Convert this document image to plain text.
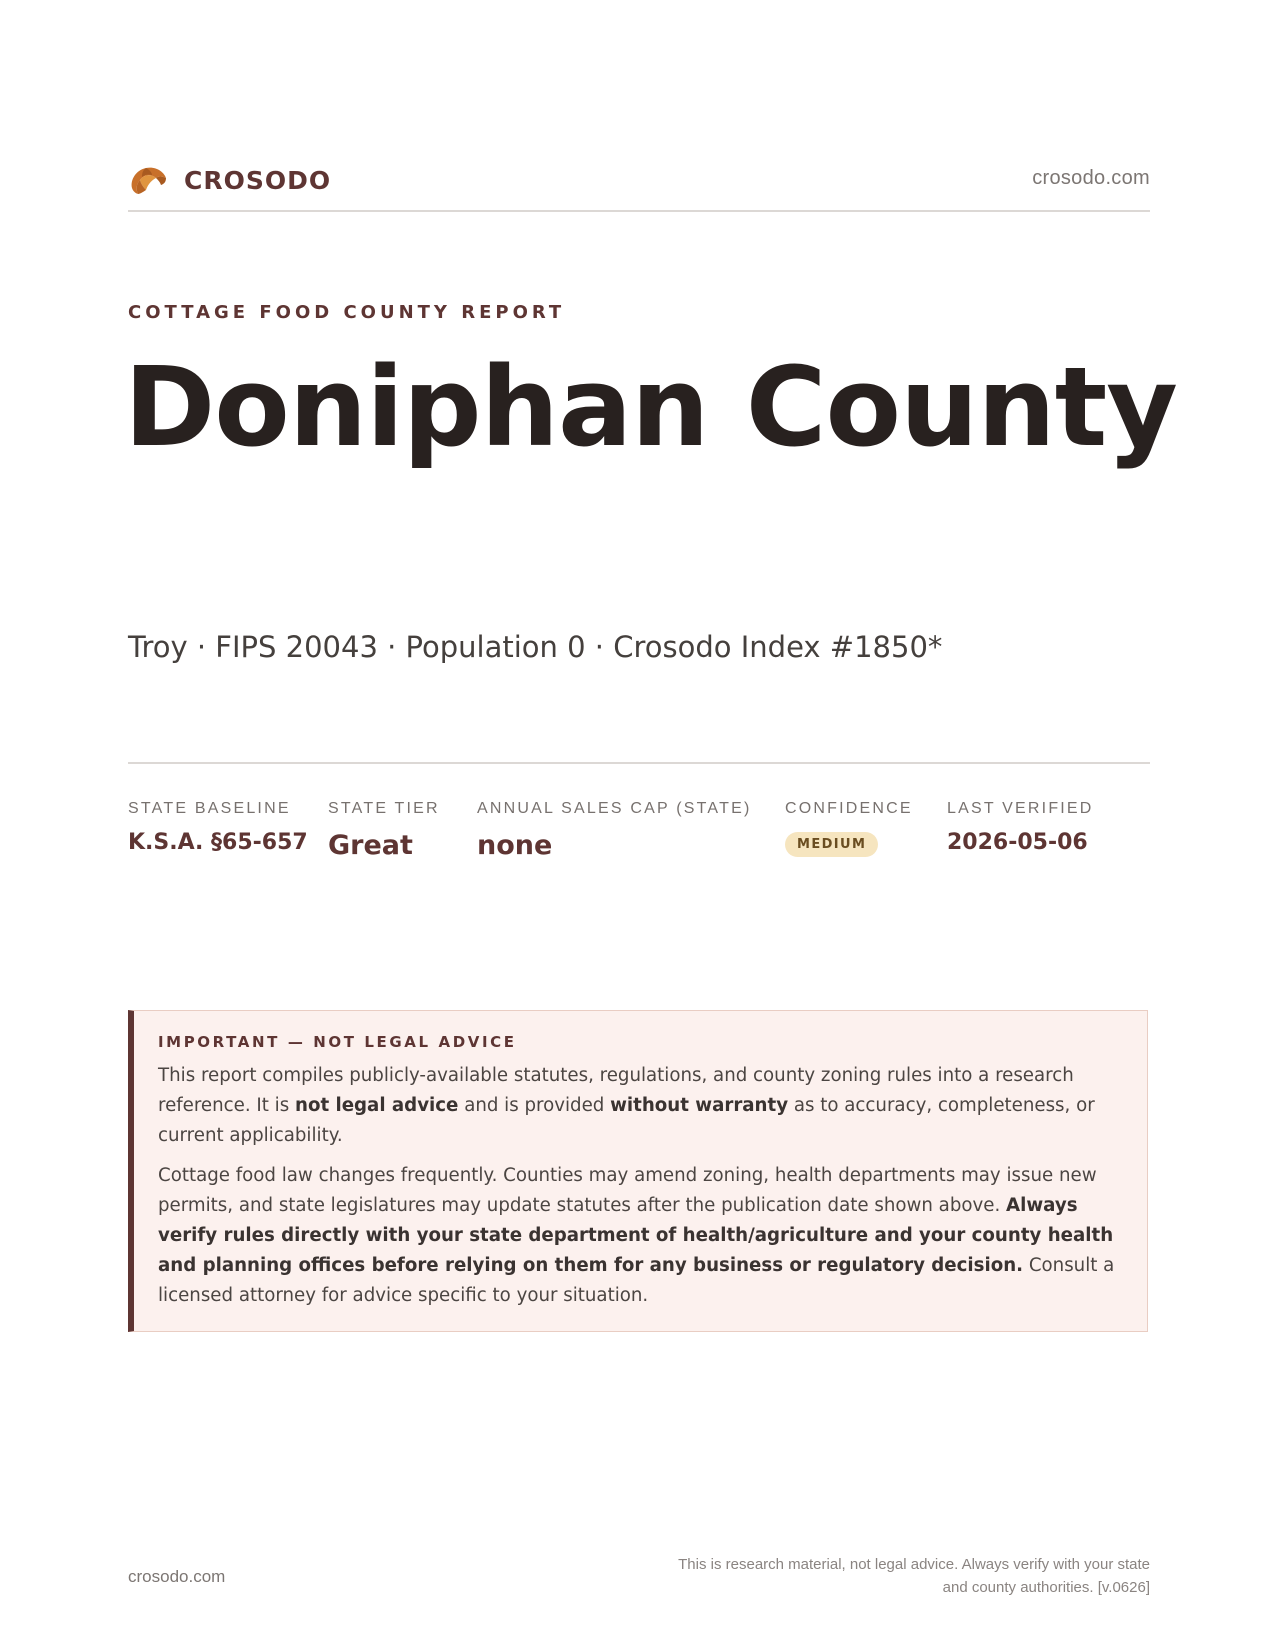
CROSODO	crosodo.com
COTTAGE FOOD COUNTY REPORT
Doniphan County
Troy · FIPS 20043 · Population 0 · Crosodo Index #1850*
STATE BASELINE
K.S.A. §65-657
STATE TIER
Great
ANNUAL SALES CAP (STATE)
none
CONFIDENCE
MEDIUM
LAST VERIFIED
2026-05-06
IMPORTANT — NOT LEGAL ADVICE

This report compiles publicly-available statutes, regulations, and county zoning rules into a research reference. It is not legal advice and is provided without warranty as to accuracy, completeness, or current applicability.

Cottage food law changes frequently. Counties may amend zoning, health departments may issue new permits, and state legislatures may update statutes after the publication date shown above. Always verify rules directly with your state department of health/agriculture and your county health and planning offices before relying on them for any business or regulatory decision. Consult a licensed attorney for advice specific to your situation.

crosodo.com
This is research material, not legal advice. Always verify with your state
and county authorities. [v.0626]
